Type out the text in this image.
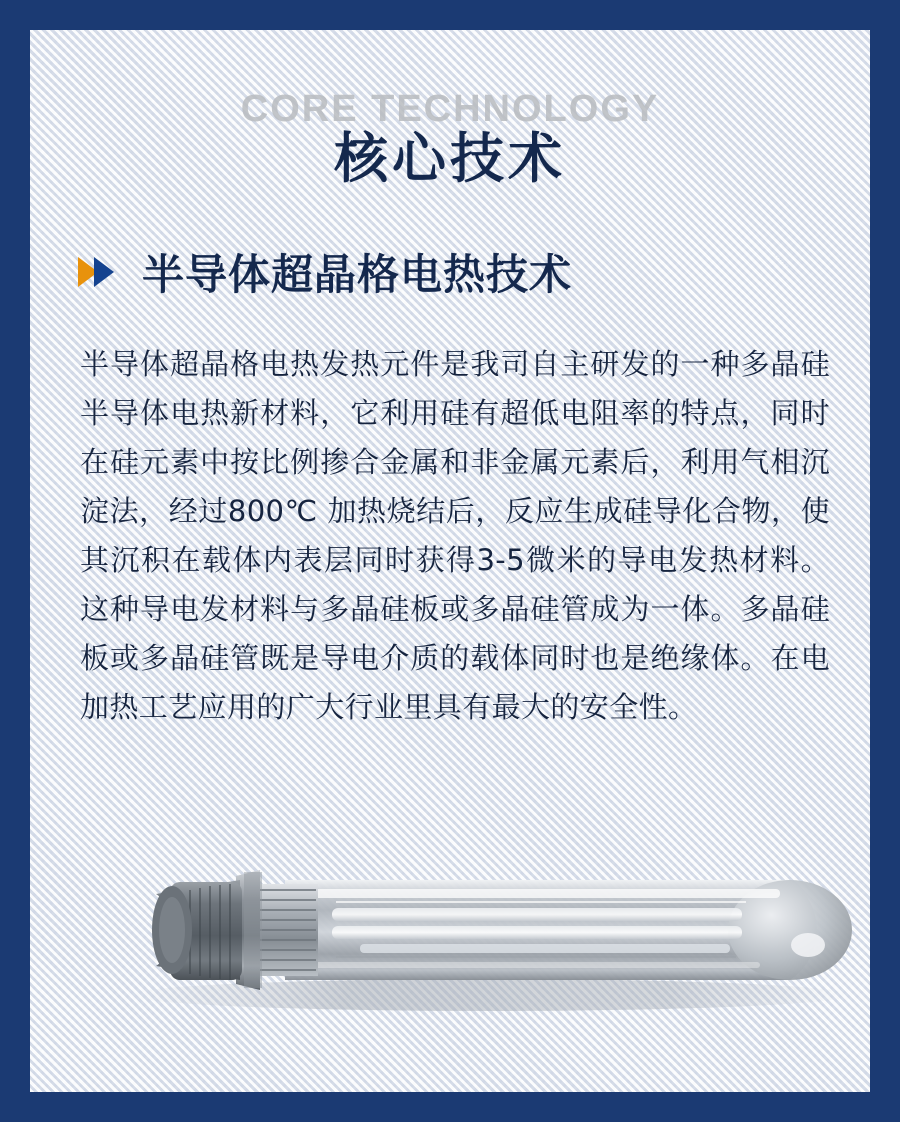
CORE TECHNOLOGY
核心技术
半导体超晶格电热技术
半导体超晶格电热发热元件是我司自主研发的一种多晶硅半导体电热新材料，它利用硅有超低电阻率的特点，同时在硅元素中按比例掺合金属和非金属元素后，利用气相沉淀法，经过800℃ 加热烧结后，反应生成硅导化合物，使其沉积在载体内表层同时获得3-5微米的导电发热材料。这种导电发材料与多晶硅板或多晶硅管成为一体。多晶硅板或多晶硅管既是导电介质的载体同时也是绝缘体。在电加热工艺应用的广大行业里具有最大的安全性。
